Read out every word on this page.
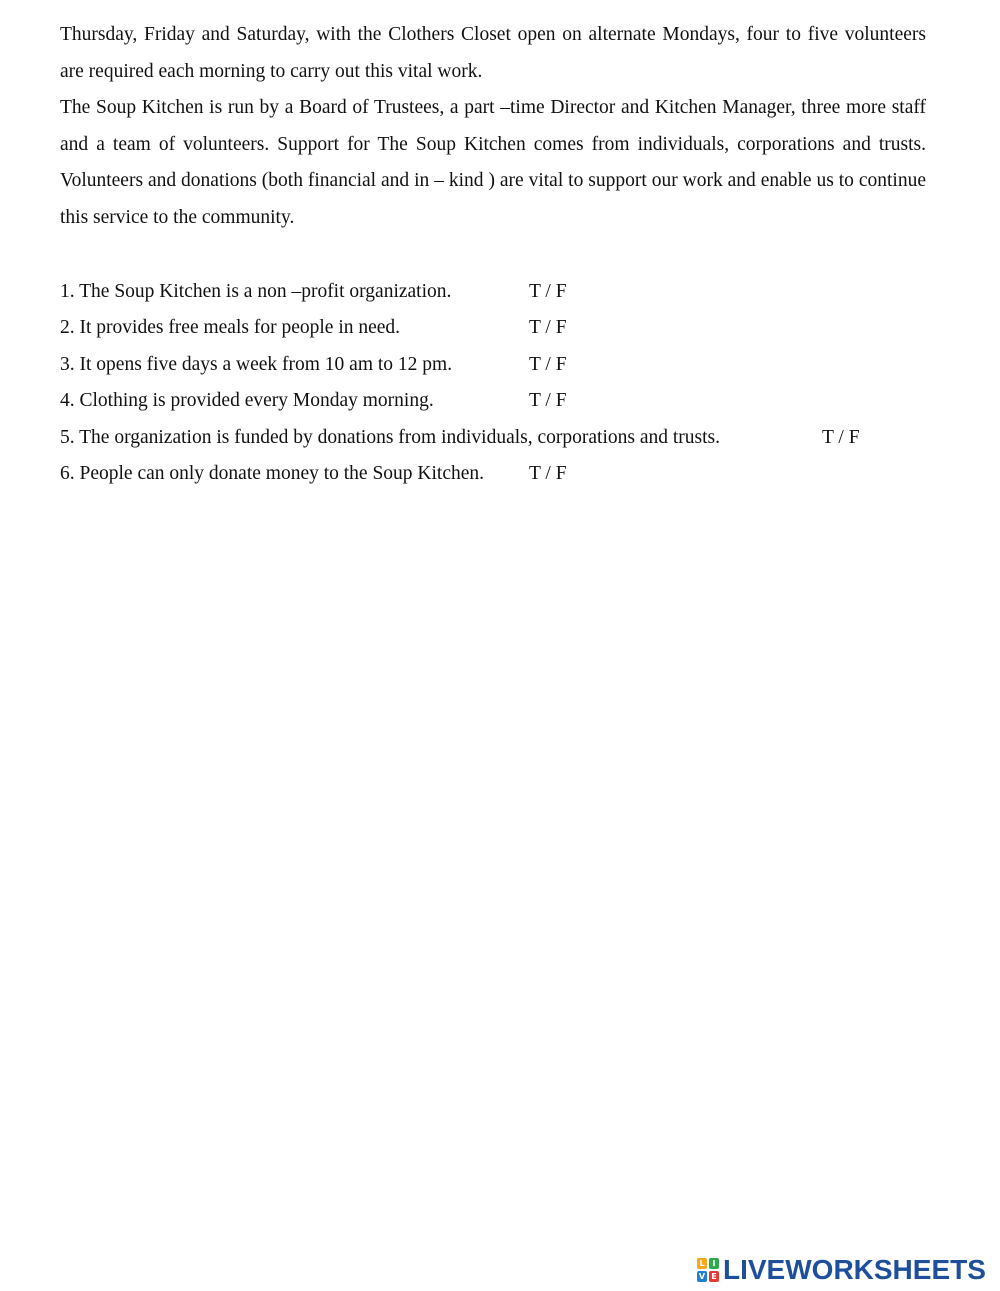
Thursday, Friday and Saturday, with the Clothers Closet open on alternate Mondays, four to five volunteers are required each morning to carry out this vital work.

The Soup Kitchen is run by a Board of Trustees, a part –time Director and Kitchen Manager, three more staff and a team of volunteers. Support for The Soup Kitchen comes from individuals, corporations and trusts. Volunteers and donations (both financial and in – kind ) are vital to support our work and enable us to continue this service to the community.

1. The Soup Kitchen is a non –profit organization.	T / F
2. It provides free meals for people in need.	T / F
3. It opens five days a week from 10 am to 12 pm.	T / F
4. Clothing is provided every Monday morning.	T / F
5. The organization is funded by donations from individuals, corporations and trusts.	T / F
6. People can only donate money to the Soup Kitchen. T / F
L I
V E LIVEWORKSHEETS
